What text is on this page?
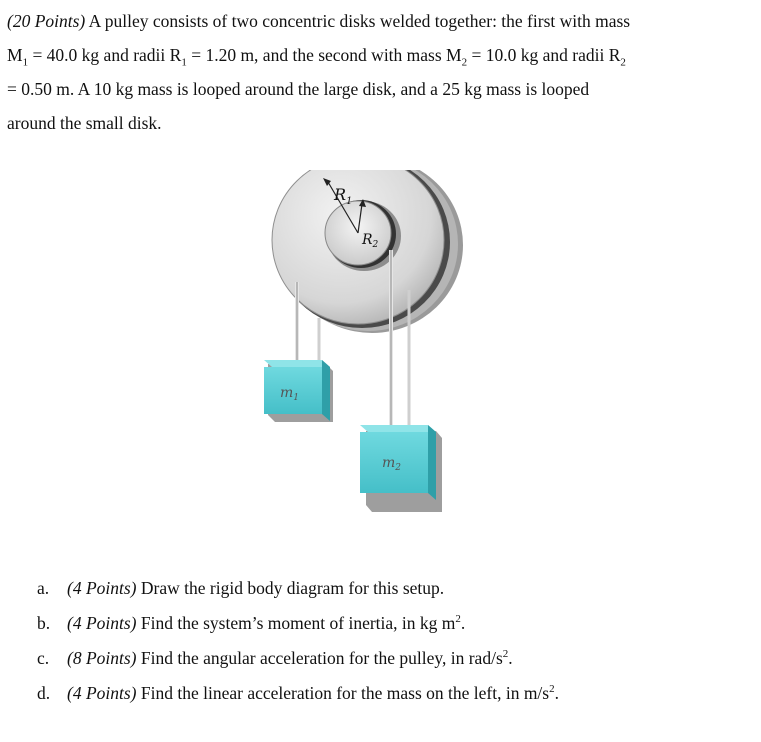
(20 Points) A pulley consists of two concentric disks welded together: the first with mass

$M_1 = 40.0$ kg and radii $R_1 = 1.20$ m, and the second with mass $M_2 = 10.0$ kg and radii $R_2$

= 0.50 m. A 10 kg mass is looped around the large disk, and a 25 kg mass is looped

around the small disk.

$R_1$
$R_2$
$m_1$
$m_2$
a. (4 Points) Draw the rigid body diagram for this setup.
b. (4 Points) Find the system’s moment of inertia, in kg $m^2$.
c. (8 Points) Find the angular acceleration for the pulley, in rad/$s^2$.
d. (4 Points) Find the linear acceleration for the mass on the left, in $m/s^2$.
